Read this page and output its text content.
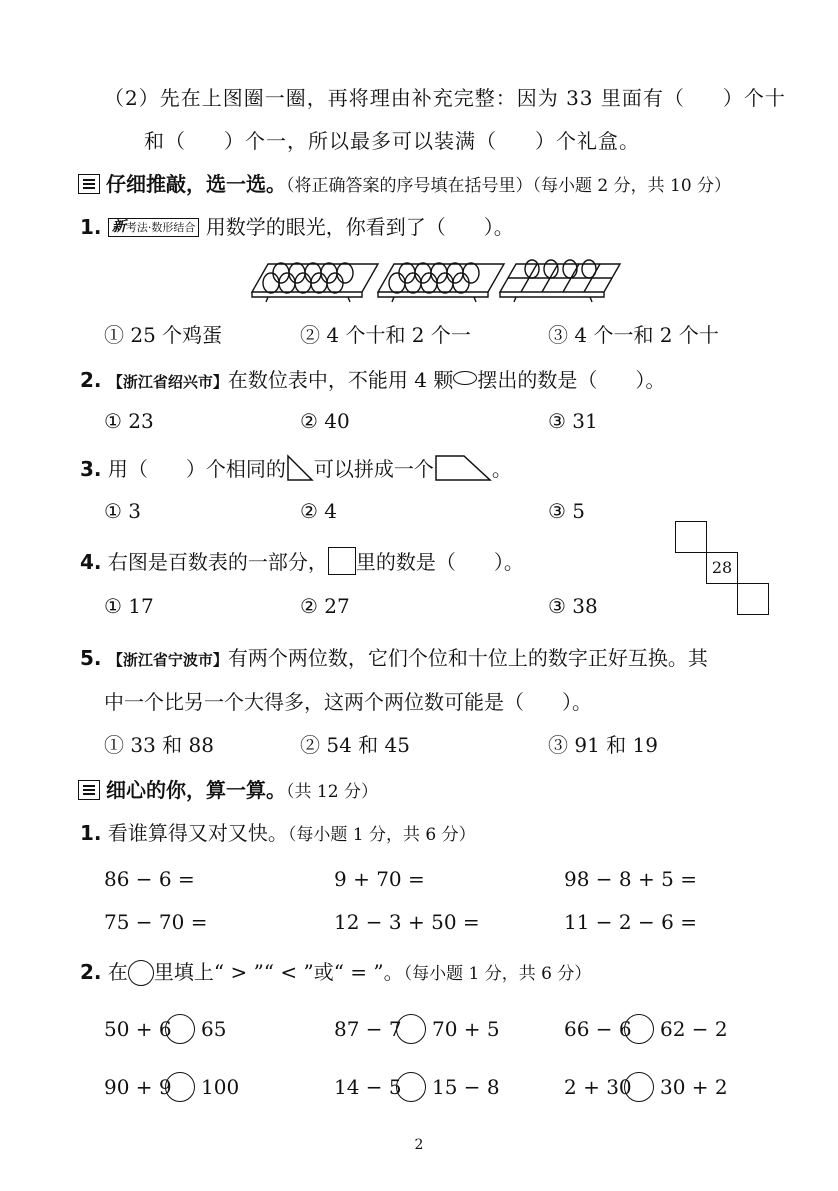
（2）先在上图圈一圈，再将理由补充完整：因为 33 里面有（ ）个十
和（ ）个一，所以最多可以装满（ ）个礼盒。
仔细推敲，选一选。（将正确答案的序号填在括号里）（每小题 2 分，共 10 分）
1. 新考法·数形结合 用数学的眼光，你看到了（ ）。
① 25 个鸡蛋	② 4 个十和 2 个一	③ 4 个一和 2 个十
2. 【浙江省绍兴市】在数位表中，不能用 4 颗 摆出的数是（ ）。
① 23	② 40	③ 31
3. 用（ ）个相同的 可以拼成一个	。
① 3	② 4	③ 5
28
4. 右图是百数表的一部分， 里的数是（ ）。
① 17	② 27	③ 38
5. 【浙江省宁波市】有两个两位数，它们个位和十位上的数字正好互换。其
中一个比另一个大得多，这两个两位数可能是（ ）。
① 33 和 88	② 54 和 45	③ 91 和 19
细心的你，算一算。（共 12 分）
1. 看谁算得又对又快。（每小题 1 分，共 6 分）
86 − 6 =	9 + 70 =	98 − 8 + 5 =
75 − 70 =	12 − 3 + 50 =	11 − 2 − 6 =
2. 在 里填上“ > ”“ < ”或“ = ”。（每小题 1 分，共 6 分）
50 + 6 65	87 − 7 70 + 5	66 − 6 62 − 2
90 + 9 100	14 − 5 15 − 8	2 + 30 30 + 2
2
